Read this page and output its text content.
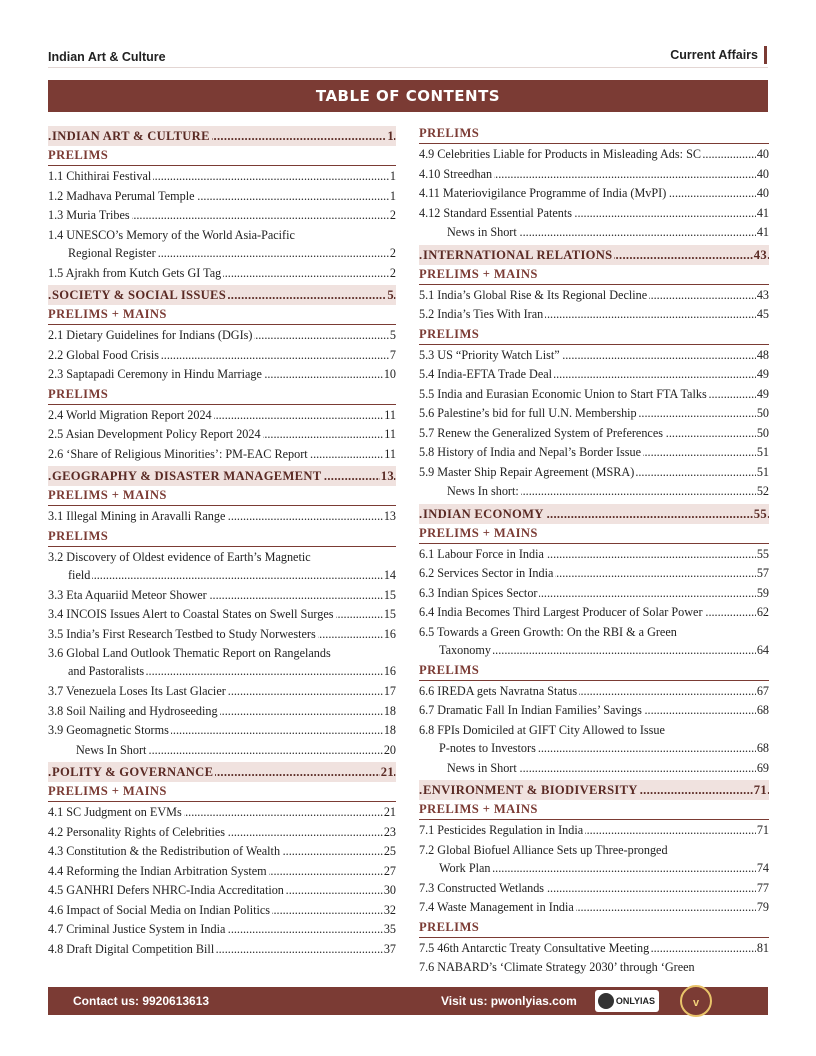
Indian Art & Culture	Current Affairs
TABLE OF CONTENTS
.....
INDIAN ART & CULTURE	1
PRELIMS
.....
1.1 Chithirai Festival	1
.....
1.2 Madhava Perumal Temple	1
.....
1.3 Muria Tribes	2
1.4 UNESCO’s Memory of the World Asia-Pacific
.....
Regional Register	2
.....
1.5 Ajrakh from Kutch Gets GI Tag	2
.....
SOCIETY & SOCIAL ISSUES	5
PRELIMS + MAINS
.....
2.1 Dietary Guidelines for Indians (DGIs)	5
.....
2.2 Global Food Crisis	7
.....
2.3 Saptapadi Ceremony in Hindu Marriage	10
PRELIMS
.....
2.4 World Migration Report 2024	11
.....
2.5 Asian Development Policy Report 2024	11
.....
2.6 ‘Share of Religious Minorities’: PM-EAC Report	11
.....
GEOGRAPHY & DISASTER MANAGEMENT	13
PRELIMS + MAINS
.....
3.1 Illegal Mining in Aravalli Range	13
PRELIMS
3.2 Discovery of Oldest evidence of Earth’s Magnetic
.....
field	14
.....
3.3 Eta Aquariid Meteor Shower	15
.....
3.4 INCOIS Issues Alert to Coastal States on Swell Surges	15
.....
3.5 India’s First Research Testbed to Study Norwesters	16
3.6 Global Land Outlook Thematic Report on Rangelands
.....
and Pastoralists	16
.....
3.7 Venezuela Loses Its Last Glacier	17
.....
3.8 Soil Nailing and Hydroseeding	18
.....
3.9 Geomagnetic Storms	18
.....
News In Short	20
.....
POLITY & GOVERNANCE	21
PRELIMS + MAINS
.....
4.1 SC Judgment on EVMs	21
.....
4.2 Personality Rights of Celebrities	23
.....
4.3 Constitution & the Redistribution of Wealth	25
.....
4.4 Reforming the Indian Arbitration System	27
.....
4.5 GANHRI Defers NHRC-India Accreditation	30
.....
4.6 Impact of Social Media on Indian Politics	32
.....
4.7 Criminal Justice System in India	35
.....
4.8 Draft Digital Competition Bill	37
PRELIMS
.....
4.9 Celebrities Liable for Products in Misleading Ads: SC	40
.....
4.10 Streedhan	40
.....
4.11 Materiovigilance Programme of India (MvPI)	40
.....
4.12 Standard Essential Patents	41
.....
News in Short	41
.....
INTERNATIONAL RELATIONS	43
PRELIMS + MAINS
.....
5.1 India’s Global Rise & Its Regional Decline	43
.....
5.2 India’s Ties With Iran	45
PRELIMS
.....
5.3 US “Priority Watch List”	48
.....
5.4 India-EFTA Trade Deal	49
.....
5.5 India and Eurasian Economic Union to Start FTA Talks	49
.....
5.6 Palestine’s bid for full U.N. Membership	50
.....
5.7 Renew the Generalized System of Preferences	50
.....
5.8 History of India and Nepal’s Border Issue	51
.....
5.9 Master Ship Repair Agreement (MSRA)	51
.....
News In short:	52
.....
INDIAN ECONOMY	55
PRELIMS + MAINS
.....
6.1 Labour Force in India	55
.....
6.2 Services Sector in India	57
.....
6.3 Indian Spices Sector	59
.....
6.4 India Becomes Third Largest Producer of Solar Power	62
6.5 Towards a Green Growth: On the RBI & a Green
.....
Taxonomy	64
PRELIMS
.....
6.6 IREDA gets Navratna Status	67
.....
6.7 Dramatic Fall In Indian Families’ Savings	68
6.8 FPIs Domiciled at GIFT City Allowed to Issue
.....
P-notes to Investors	68
.....
News in Short	69
.....
ENVIRONMENT & BIODIVERSITY	71
PRELIMS + MAINS
.....
7.1 Pesticides Regulation in India	71
7.2 Global Biofuel Alliance Sets up Three-pronged
.....
Work Plan	74
.....
7.3 Constructed Wetlands	77
.....
7.4 Waste Management in India	79
PRELIMS
.....
7.5 46th Antarctic Treaty Consultative Meeting	81
7.6 NABARD’s ‘Climate Strategy 2030’ through ‘Green
Contact us: 9920613613	Visit us: pwonlyias.com	ONLYIAS	v
